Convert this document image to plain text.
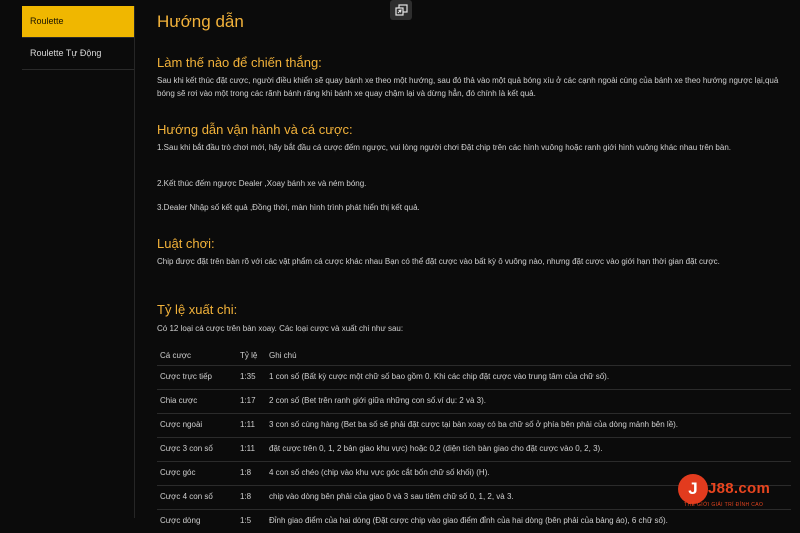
Roulette
Roulette Tự Động
Hướng dẫn
Làm thế nào để chiến thắng:

Sau khi kết thúc đặt cược, người điều khiển sẽ quay bánh xe theo một hướng, sau đó thả vào một quả bóng xíu ở các cạnh ngoài cùng của bánh xe theo hướng ngược lại,quả bóng sẽ rơi vào một trong các rãnh bánh răng khi bánh xe quay chậm lại và dừng hẳn, đó chính là kết quả.

Hướng dẫn vận hành và cá cược:

1.Sau khi bắt đầu trò chơi mới, hãy bắt đầu cá cược đếm ngược, vui lòng người chơi Đặt chip trên các hình vuông hoặc ranh giới hình vuông khác nhau trên bàn.

2.Kết thúc đếm ngược Dealer ,Xoay bánh xe và ném bóng.

3.Dealer Nhập số kết quả ,Đồng thời, màn hình trình phát hiển thị kết quả.

Luật chơi:

Chip được đặt trên bàn rõ với các vật phẩm cá cược khác nhau Bạn có thể đặt cược vào bất kỳ ô vuông nào, nhưng đặt cược vào giới hạn thời gian đặt cược.

Tỷ lệ xuất chi:

Có 12 loại cá cược trên bàn xoay. Các loại cược và xuất chi như sau:

Cá cược	Tỷ lệ Ghi chú
Cược trực tiếp	1:35 1 con số (Bất kỳ cược một chữ số bao gồm 0. Khi các chip đặt cược vào trung tâm của chữ số).
Chia cược	1:17 2 con số (Bet trên ranh giới giữa những con số.ví dụ: 2 và 3).
Cược ngoài	1:11 3 con số cùng hàng (Bet ba số sẽ phải đặt cược tại bàn xoay có ba chữ số ở phía bên phải của dòng mảnh bên lề).
Cược 3 con số	1:11 đặt cược trên 0, 1, 2 bản giao khu vực) hoặc 0,2 (diện tích bàn giao cho đặt cược vào 0, 2, 3).
Cược góc	1:8 4 con số chéo (chip vào khu vực góc cắt bốn chữ số khối) (H).
Cược 4 con số	1:8 chip vào dòng bên phải của giao 0 và 3 sau tiêm chữ số 0, 1, 2, và 3.
Cược dòng	1:5 Đỉnh giao điểm của hai dòng (Đặt cược chip vào giao điểm đỉnh của hai dòng (bên phải của bảng áo), 6 chữ số).
J J88.com
THẾ GIỚI GIẢI TRÍ ĐỈNH CAO
